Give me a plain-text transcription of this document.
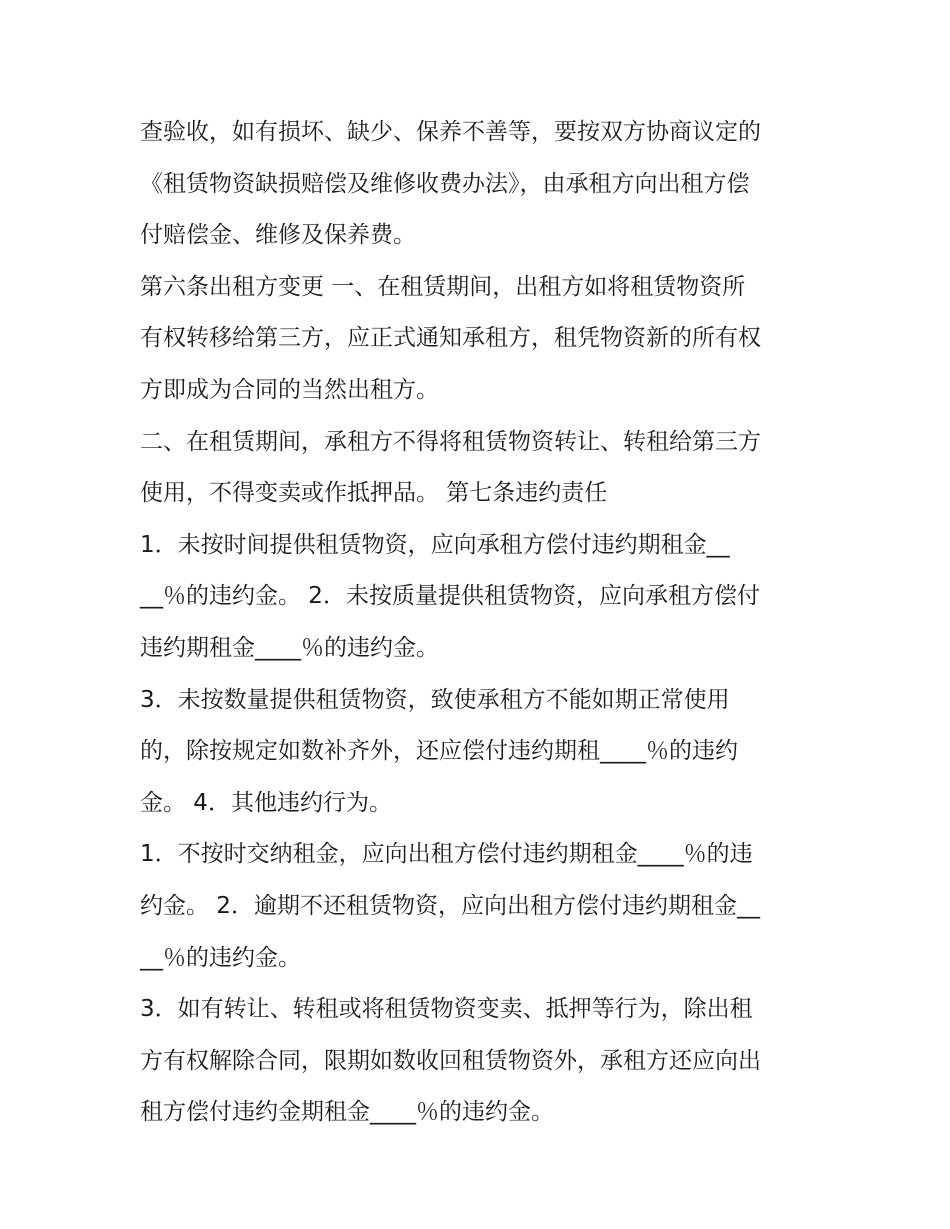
查验收，如有损坏、缺少、保养不善等，要按双方协商议定的
《租赁物资缺损赔偿及维修收费办法》，由承租方向出租方偿
付赔偿金、维修及保养费。
第六条出租方变更 一、在租赁期间，出租方如将租赁物资所
有权转移给第三方，应正式通知承租方，租凭物资新的所有权
方即成为合同的当然出租方。
二、在租赁期间，承租方不得将租赁物资转让、转租给第三方
使用，不得变卖或作抵押品。 第七条违约责任
1．未按时间提供租赁物资，应向承租方偿付违约期租金__
__％的违约金。 2．未按质量提供租赁物资，应向承租方偿付
违约期租金____％的违约金。
3．未按数量提供租赁物资，致使承租方不能如期正常使用
的，除按规定如数补齐外，还应偿付违约期租____％的违约
金。 4．其他违约行为。
1．不按时交纳租金，应向出租方偿付违约期租金____％的违
约金。 2．逾期不还租赁物资，应向出租方偿付违约期租金__
__％的违约金。
3．如有转让、转租或将租赁物资变卖、抵押等行为，除出租
方有权解除合同，限期如数收回租赁物资外，承租方还应向出
租方偿付违约金期租金____％的违约金。
